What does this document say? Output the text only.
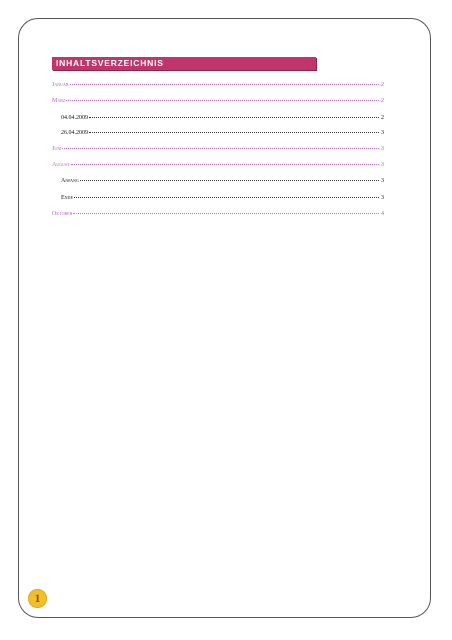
INHALTSVERZEICHNIS
Januar	2
März	2
04.04.2009	2
26.04.2009	3
Juni	3
August	3
Anfang	3
Ende	3
Oktober	4
1
